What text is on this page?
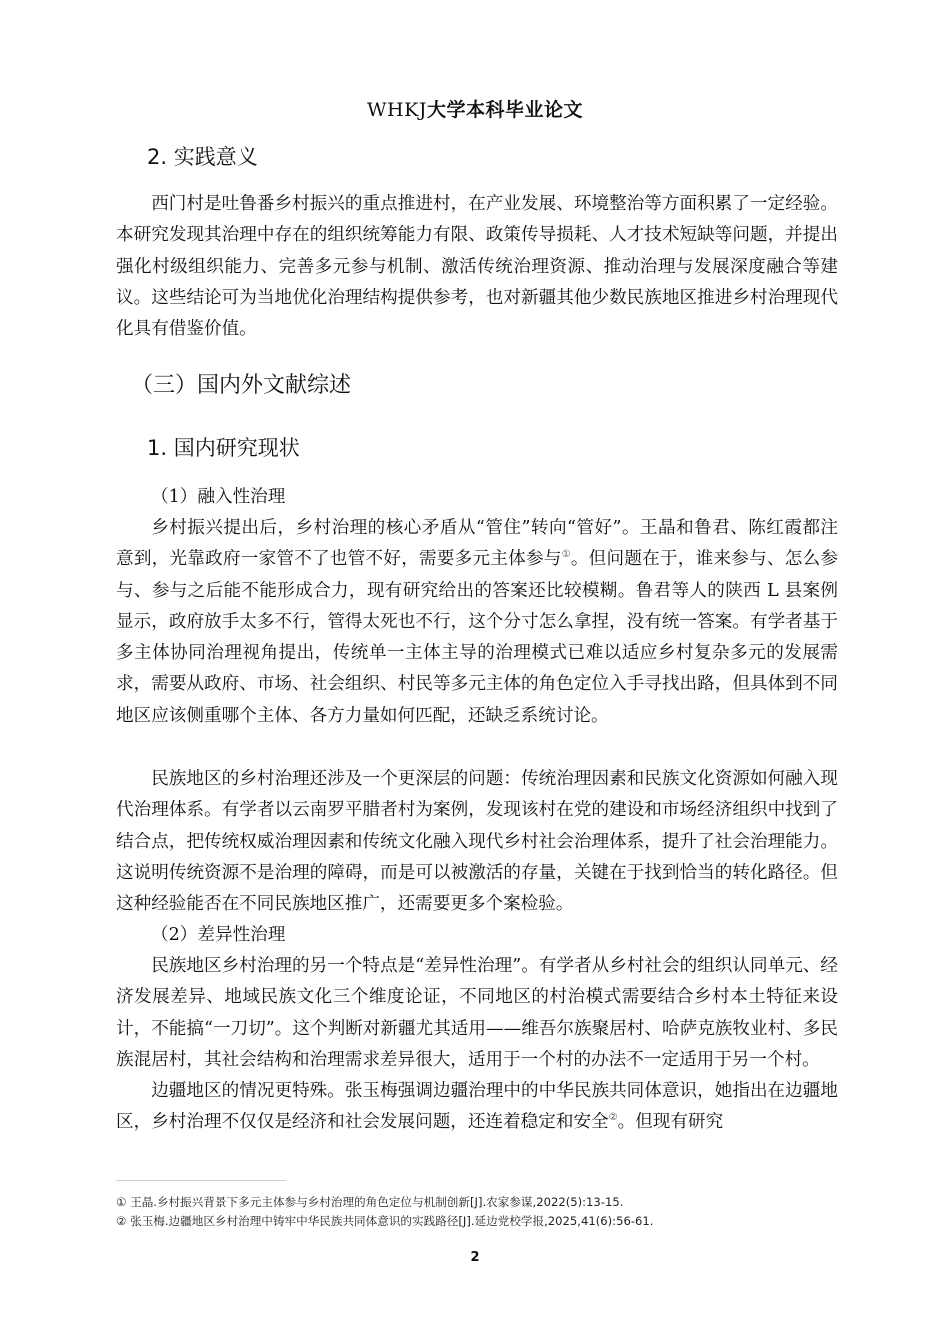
WHKJ大学本科毕业论文
2. 实践意义

西门村是吐鲁番乡村振兴的重点推进村，在产业发展、环境整治等方面积累了一定经验。本研究发现其治理中存在的组织统筹能力有限、政策传导损耗、人才技术短缺等问题，并提出强化村级组织能力、完善多元参与机制、激活传统治理资源、推动治理与发展深度融合等建议。这些结论可为当地优化治理结构提供参考，也对新疆其他少数民族地区推进乡村治理现代化具有借鉴价值。

（三）国内外文献综述
1. 国内研究现状
（1）融入性治理

乡村振兴提出后，乡村治理的核心矛盾从“管住”转向“管好”。王晶和鲁君、陈红霞都注意到，光靠政府一家管不了也管不好，需要多元主体参与①。但问题在于，谁来参与、怎么参与、参与之后能不能形成合力，现有研究给出的答案还比较模糊。鲁君等人的陕西 L 县案例显示，政府放手太多不行，管得太死也不行，这个分寸怎么拿捏，没有统一答案。有学者基于多主体协同治理视角提出，传统单一主体主导的治理模式已难以适应乡村复杂多元的发展需求，需要从政府、市场、社会组织、村民等多元主体的角色定位入手寻找出路，但具体到不同地区应该侧重哪个主体、各方力量如何匹配，还缺乏系统讨论。

民族地区的乡村治理还涉及一个更深层的问题：传统治理因素和民族文化资源如何融入现代治理体系。有学者以云南罗平腊者村为案例，发现该村在党的建设和市场经济组织中找到了结合点，把传统权威治理因素和传统文化融入现代乡村社会治理体系，提升了社会治理能力。这说明传统资源不是治理的障碍，而是可以被激活的存量，关键在于找到恰当的转化路径。但这种经验能否在不同民族地区推广，还需要更多个案检验。

（2）差异性治理

民族地区乡村治理的另一个特点是“差异性治理”。有学者从乡村社会的组织认同单元、经济发展差异、地域民族文化三个维度论证，不同地区的村治模式需要结合乡村本土特征来设计，不能搞“一刀切”。这个判断对新疆尤其适用——维吾尔族聚居村、哈萨克族牧业村、多民族混居村，其社会结构和治理需求差异很大，适用于一个村的办法不一定适用于另一个村。

边疆地区的情况更特殊。张玉梅强调边疆治理中的中华民族共同体意识，她指出在边疆地区，乡村治理不仅仅是经济和社会发展问题，还连着稳定和安全②。但现有研究

① 王晶.乡村振兴背景下多元主体参与乡村治理的角色定位与机制创新[J].农家参谋,2022(5):13-15.
② 张玉梅.边疆地区乡村治理中铸牢中华民族共同体意识的实践路径[J].延边党校学报,2025,41(6):56-61.
2
